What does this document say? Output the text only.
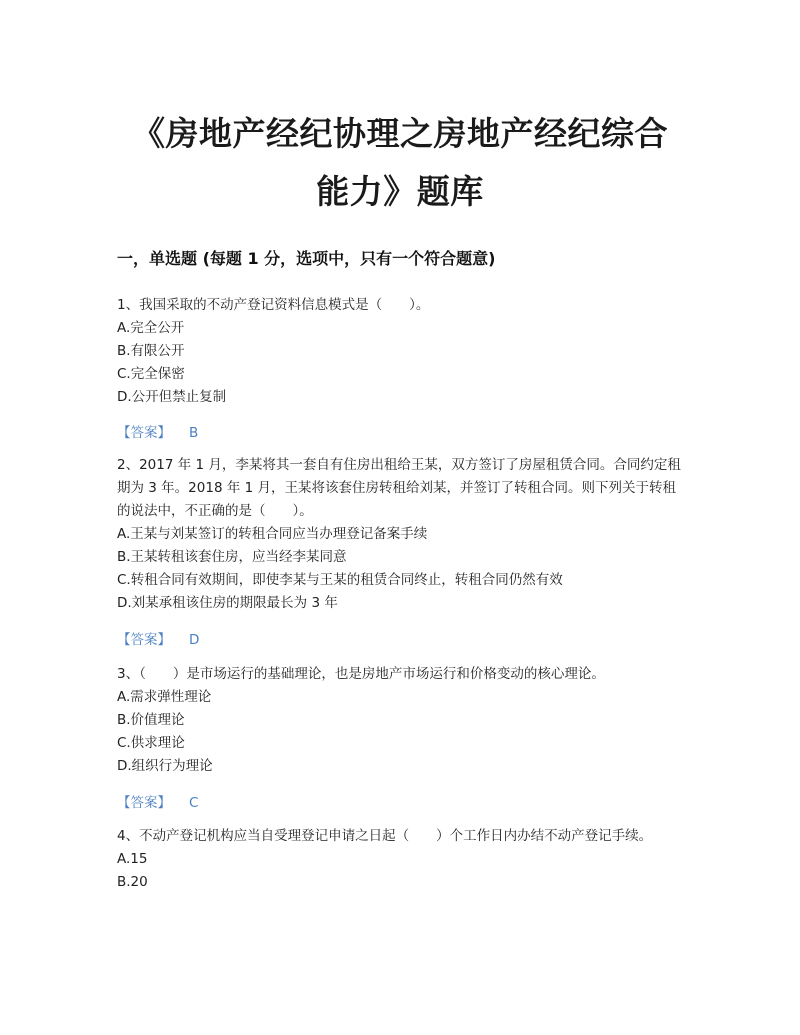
《房地产经纪协理之房地产经纪综合
能力》题库
一，单选题 (每题 1 分，选项中，只有一个符合题意)
1、我国采取的不动产登记资料信息模式是（　　）。
A.完全公开
B.有限公开
C.完全保密
D.公开但禁止复制
【答案】 B
2、2017 年 1 月，李某将其一套自有住房出租给王某，双方签订了房屋租赁合同。合同约定租期为 3 年。2018 年 1 月，王某将该套住房转租给刘某，并签订了转租合同。则下列关于转租的说法中，不正确的是（　　）。
A.王某与刘某签订的转租合同应当办理登记备案手续
B.王某转租该套住房，应当经李某同意
C.转租合同有效期间，即使李某与王某的租赁合同终止，转租合同仍然有效
D.刘某承租该住房的期限最长为 3 年
【答案】 D
3、（　　）是市场运行的基础理论，也是房地产市场运行和价格变动的核心理论。
A.需求弹性理论
B.价值理论
C.供求理论
D.组织行为理论
【答案】 C
4、不动产登记机构应当自受理登记申请之日起（　　）个工作日内办结不动产登记手续。
A.15
B.20
